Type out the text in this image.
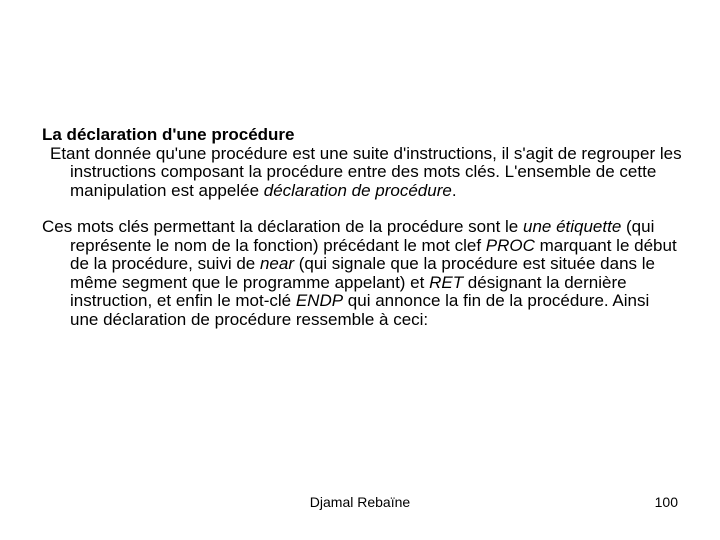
La déclaration d'une procédure

Etant donnée qu'une procédure est une suite d'instructions, il s'agit de regrouper les instructions composant la procédure entre des mots clés. L'ensemble de cette manipulation est appelée déclaration de procédure.

Ces mots clés permettant la déclaration de la procédure sont le une étiquette (qui représente le nom de la fonction) précédant le mot clef PROC marquant le début de la procédure, suivi de near (qui signale que la procédure est située dans le même segment que le programme appelant) et RET désignant la dernière instruction, et enfin le mot-clé ENDP qui annonce la fin de la procédure. Ainsi une déclaration de procédure ressemble à ceci:

Djamal Rebaïne	100
